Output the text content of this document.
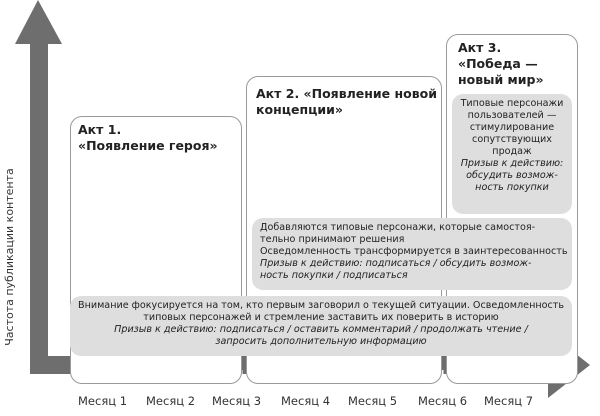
Частота публикации контента
Месяц 1 Месяц 2 Месяц 3 Месяц 4 Месяц 5 Месяц 6 Месяц 7
Акт 1.
«Появление героя»
Акт 2. «Появление новой
концепции»
Акт 3.
«Победа —
новый мир»

Типовые персонажи

пользователей —

стимулирование

сопутствующих

продаж

Призыв к действию:

обсудить возмож-

ность покупки

Добавляются типовые персонажи, которые самостоя-

тельно принимают решения

Осведомленность трансформируется в заинтересованность

Призыв к действию: подписаться / обсудить возмож-

ность покупки / подписаться

Внимание фокусируется на том, кто первым заговорил о текущей ситуации. Осведомленность

типовых персонажей и стремление заставить их поверить в историю

Призыв к действию: подписаться / оставить комментарий / продолжать чтение /

запросить дополнительную информацию
